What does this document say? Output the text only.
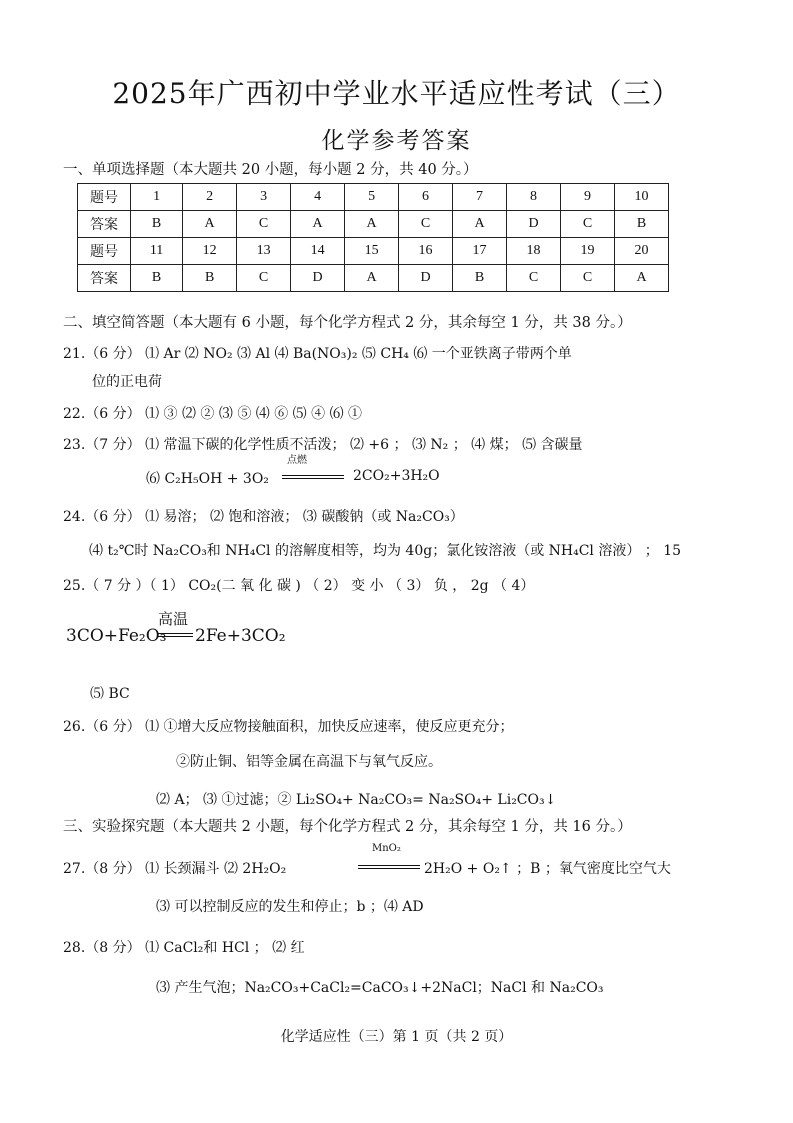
2025年广西初中学业水平适应性考试（三）
化学参考答案
一、单项选择题（本大题共 20 小题，每小题 2 分，共 40 分。）
题号	1	2	3	4	5	6	7	8	9	10
答案	B	A	C	A	A	C	A	D	C	B
题号	11	12	13	14	15	16	17	18	19	20
答案	B	B	C	D	A	D	B	C	C	A
二、填空简答题（本大题有 6 小题，每个化学方程式 2 分，其余每空 1 分，共 38 分。）
21.（6 分） ⑴ Ar ⑵ NO₂ ⑶ Al ⑷ Ba(NO₃)₂ ⑸ CH₄ ⑹ 一个亚铁离子带两个单
位的正电荷
22.（6 分） ⑴ ③ ⑵ ② ⑶ ⑤ ⑷ ⑥ ⑸ ④ ⑹ ①
23.（7 分） ⑴ 常温下碳的化学性质不活泼； ⑵ +6 ； ⑶ N₂ ； ⑷ 煤； ⑸ 含碳量
点燃
⑹ C₂H₅OH + 3O₂	2CO₂+3H₂O
24.（6 分） ⑴ 易溶； ⑵ 饱和溶液； ⑶ 碳酸钠（或 Na₂CO₃）
⑷ t₂℃时 Na₂CO₃和 NH₄Cl 的溶解度相等，均为 40g；氯化铵溶液（或 NH₄Cl 溶液） ； 15
25.（ 7 分 ）（ 1） CO₂(二 氧 化 碳 ) （ 2） 变 小 （ 3） 负 ， 2g （ 4）
高温
3CO+Fe₂O₃ 2Fe+3CO₂
⑸ BC
26.（6 分） ⑴ ①增大反应物接触面积，加快反应速率，使反应更充分；
②防止铜、铝等金属在高温下与氧气反应。
⑵ A； ⑶ ①过滤；② Li₂SO₄+ Na₂CO₃= Na₂SO₄+ Li₂CO₃↓
三、实验探究题（本大题共 2 小题，每个化学方程式 2 分，其余每空 1 分，共 16 分。）
27.（8 分） ⑴ 长颈漏斗 ⑵ 2H₂O₂
MnO₂
2H₂O + O₂↑ ；B ；氧气密度比空气大
⑶ 可以控制反应的发生和停止；b ；⑷ AD
28.（8 分） ⑴ CaCl₂和 HCl ； ⑵ 红
⑶ 产生气泡；Na₂CO₃+CaCl₂=CaCO₃↓+2NaCl；NaCl 和 Na₂CO₃
化学适应性（三）第 1 页（共 2 页）
